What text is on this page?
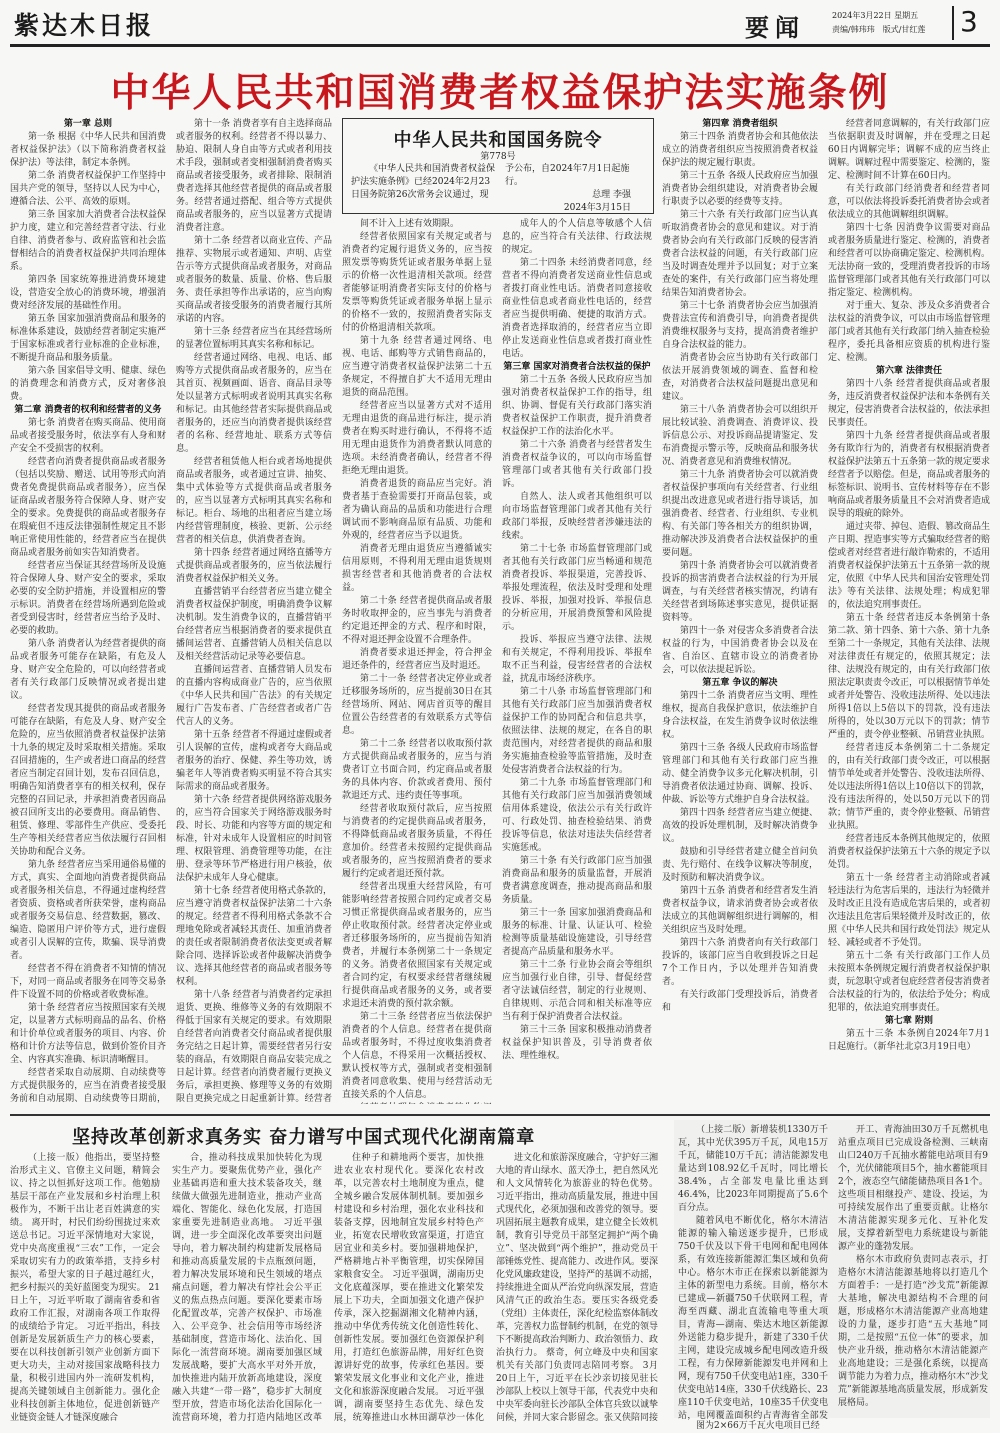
紫达木日报	要闻	2024年3月22日 星期五
责编/韩玮玮　版式/甘红莲 3
中华人民共和国消费者权益保护法实施条例

第一章 总则

第一条 根据《中华人民共和国消费者权益保护法》（以下简称消费者权益保护法）等法律，制定本条例。

第二条 消费者权益保护工作坚持中国共产党的领导，坚持以人民为中心，遵循合法、公平、高效的原则。

第三条 国家加大消费者合法权益保护力度，建立和完善经营者守法、行业自律、消费者参与、政府监管和社会监督相结合的消费者权益保护共同治理体系。

第四条 国家统筹推进消费环境建设，营造安全放心的消费环境，增强消费对经济发展的基础性作用。

第五条 国家加强消费商品和服务的标准体系建设，鼓励经营者制定实施严于国家标准或者行业标准的企业标准，不断提升商品和服务质量。

第六条 国家倡导文明、健康、绿色的消费理念和消费方式，反对奢侈浪费。

第二章 消费者的权利和经营者的义务

第七条 消费者在购买商品、使用商品或者接受服务时，依法享有人身和财产安全不受损害的权利。

经营者向消费者提供商品或者服务（包括以奖励、赠送、试用等形式向消费者免费提供商品或者服务），应当保证商品或者服务符合保障人身、财产安全的要求。免费提供的商品或者服务存在瑕疵但不违反法律强制性规定且不影响正常使用性能的，经营者应当在提供商品或者服务前如实告知消费者。

经营者应当保证其经营场所及设施符合保障人身、财产安全的要求，采取必要的安全防护措施，并设置相应的警示标识。消费者在经营场所遇到危险或者受到侵害时，经营者应当给予及时、必要的救助。

第八条 消费者认为经营者提供的商品或者服务可能存在缺陷，有危及人身、财产安全危险的，可以向经营者或者有关行政部门反映情况或者提出建议。

经营者发现其提供的商品或者服务可能存在缺陷，有危及人身、财产安全危险的，应当依照消费者权益保护法第十九条的规定及时采取相关措施。采取召回措施的，生产或者进口商品的经营者应当制定召回计划，发布召回信息，明确告知消费者享有的相关权利，保存完整的召回记录，并承担消费者因商品被召回所支出的必要费用。商品销售、租赁、修理、零部件生产供应、受委托生产等相关经营者应当依法履行召回相关协助和配合义务。

第九条 经营者应当采用通俗易懂的方式，真实、全面地向消费者提供商品或者服务相关信息，不得通过虚构经营者资质、资格或者所获荣誉，虚构商品或者服务交易信息、经营数据，篡改、编造、隐匿用户评价等方式，进行虚假或者引人误解的宣传，欺骗、误导消费者。

经营者不得在消费者不知情的情况下，对同一商品或者服务在同等交易条件下设置不同的价格或者收费标准。

第十条 经营者应当按照国家有关规定，以显著方式标明商品的品名、价格和计价单位或者服务的项目、内容、价格和计价方法等信息，做到价签价目齐全、内容真实准确、标识清晰醒目。

经营者采取自动展期、自动续费等方式提供服务的，应当在消费者接受服务前和自动展期、自动续费等日期前，

第十一条 消费者享有自主选择商品或者服务的权利。经营者不得以暴力、胁迫、限制人身自由等方式或者利用技术手段，强制或者变相强制消费者购买商品或者接受服务，或者排除、限制消费者选择其他经营者提供的商品或者服务。经营者通过搭配、组合等方式提供商品或者服务的，应当以显著方式提请消费者注意。

第十二条 经营者以商业宣传、产品推荐、实物展示或者通知、声明、店堂告示等方式提供商品或者服务，对商品或者服务的数量、质量、价格、售后服务、责任承担等作出承诺的，应当向购买商品或者接受服务的消费者履行其所承诺的内容。

第十三条 经营者应当在其经营场所的显著位置标明其真实名称和标记。

经营者通过网络、电视、电话、邮购等方式提供商品或者服务的，应当在其首页、视频画面、语音、商品目录等处以显著方式标明或者说明其真实名称和标记。由其他经营者实际提供商品或者服务的，还应当向消费者提供该经营者的名称、经营地址、联系方式等信息。

经营者租赁他人柜台或者场地提供商品或者服务，或者通过宣讲、抽奖、集中式体验等方式提供商品或者服务的，应当以显著方式标明其真实名称和标记。柜台、场地的出租者应当建立场内经营管理制度，核验、更新、公示经营者的相关信息，供消费者查询。

第十四条 经营者通过网络直播等方式提供商品或者服务的，应当依法履行消费者权益保护相关义务。

直播营销平台经营者应当建立健全消费者权益保护制度，明确消费争议解决机制。发生消费争议的，直播营销平台经营者应当根据消费者的要求提供直播间运营者、直播营销人员相关信息以及相关经营活动记录等必要信息。

直播间运营者、直播营销人员发布的直播内容构成商业广告的，应当依照《中华人民共和国广告法》的有关规定履行广告发布者、广告经营者或者广告代言人的义务。

第十五条 经营者不得通过虚假或者引人误解的宣传，虚构或者夸大商品或者服务的治疗、保健、养生等功效，诱骗老年人等消费者购买明显不符合其实际需求的商品或者服务。

第十六条 经营者提供网络游戏服务的，应当符合国家关于网络游戏服务时段、时长、功能和内容等方面的规定和标准，针对未成年人设置相应的时间管理、权限管理、消费管理等功能，在注册、登录等环节严格进行用户核验，依法保护未成年人身心健康。

第十七条 经营者使用格式条款的，应当遵守消费者权益保护法第二十六条的规定。经营者不得利用格式条款不合理地免除或者减轻其责任、加重消费者的责任或者限制消费者依法变更或者解除合同、选择诉讼或者仲裁解决消费争议、选择其他经营者的商品或者服务等权利。

第十八条 经营者与消费者约定承担退货、更换、维修等义务的有效期限不得低于国家有关规定的要求。有效期限自经营者向消费者交付商品或者提供服务完结之日起计算，需要经营者另行安装的商品，有效期限自商品安装完成之日起计算。经营者向消费者履行更换义务后，承担更换、修理等义务的有效期限自更换完成之日起重新计算。经营者

中华人民共和国国务院令
第778号
《中华人民共和国消费者权益保护法实施条例》已经2024年2月23日国务院第26次常务会议通过，现
予公布，自2024年7月1日起施行。
总理 李强
2024年3月15日

间不计入上述有效期限。

经营者依照国家有关规定或者与消费者约定履行退货义务的，应当按照发票等购货凭证或者服务单据上显示的价格一次性退清相关款项。经营者能够证明消费者实际支付的价格与发票等购货凭证或者服务单据上显示的价格不一致的，按照消费者实际支付的价格退清相关款项。

第十九条 经营者通过网络、电视、电话、邮购等方式销售商品的，应当遵守消费者权益保护法第二十五条规定，不得擅自扩大不适用无理由退货的商品范围。

经营者应当以显著方式对不适用无理由退货的商品进行标注，提示消费者在购买时进行确认，不得将不适用无理由退货作为消费者默认同意的选项。未经消费者确认，经营者不得拒绝无理由退货。

消费者退货的商品应当完好。消费者基于查验需要打开商品包装，或者为确认商品的品质和功能进行合理调试而不影响商品原有品质、功能和外观的，经营者应当予以退货。

消费者无理由退货应当遵循诚实信用原则，不得利用无理由退货规则损害经营者和其他消费者的合法权益。

第二十条 经营者提供商品或者服务时收取押金的，应当事先与消费者约定退还押金的方式、程序和时限，不得对退还押金设置不合理条件。

消费者要求退还押金，符合押金退还条件的，经营者应当及时退还。

第二十一条 经营者决定停业或者迁移服务场所的，应当提前30日在其经营场所、网站、网店首页等的醒目位置公告经营者的有效联系方式等信息。

第二十二条 经营者以收取预付款方式提供商品或者服务的，应当与消费者订立书面合同，约定商品或者服务的具体内容、价款或者费用、预付款退还方式、违约责任等事项。

经营者收取预付款后，应当按照与消费者的约定提供商品或者服务，不得降低商品或者服务质量，不得任意加价。经营者未按照约定提供商品或者服务的，应当按照消费者的要求履行约定或者退还预付款。

经营者出现重大经营风险，有可能影响经营者按照合同约定或者交易习惯正常提供商品或者服务的，应当停止收取预付款。经营者决定停业或者迁移服务场所的，应当提前告知消费者，并履行本条例第二十一条规定的义务。消费者依照国家有关规定或者合同约定，有权要求经营者继续履行提供商品或者服务的义务，或者要求退还未消费的预付款余额。

第二十三条 经营者应当依法保护消费者的个人信息。经营者在提供商品或者服务时，不得过度收集消费者个人信息，不得采用一次概括授权、默认授权等方式，强制或者变相强制消费者同意收集、使用与经营活动无直接关系的个人信息。

成年人的个人信息等敏感个人信息的，应当符合有关法律、行政法规的规定。

第二十四条 未经消费者同意，经营者不得向消费者发送商业性信息或者拨打商业性电话。消费者同意接收商业性信息或者商业性电话的，经营者应当提供明确、便捷的取消方式。消费者选择取消的，经营者应当立即停止发送商业性信息或者拨打商业性电话。

第三章 国家对消费者合法权益的保护

第二十五条 各级人民政府应当加强对消费者权益保护工作的指导，组织、协调、督促有关行政部门落实消费者权益保护工作职责，提升消费者权益保护工作的法治化水平。

第二十六条 消费者与经营者发生消费者权益争议的，可以向市场监督管理部门或者其他有关行政部门投诉。

自然人、法人或者其他组织可以向市场监督管理部门或者其他有关行政部门举报，反映经营者涉嫌违法的线索。

第二十七条 市场监督管理部门或者其他有关行政部门应当畅通和规范消费者投诉、举报渠道，完善投诉、举报处理流程，依法及时受理和处理投诉、举报，加强对投诉、举报信息的分析应用，开展消费预警和风险提示。

投诉、举报应当遵守法律、法规和有关规定，不得利用投诉、举报牟取不正当利益，侵害经营者的合法权益，扰乱市场经济秩序。

第二十八条 市场监督管理部门和其他有关行政部门应当加强消费者权益保护工作的协同配合和信息共享，依照法律、法规的规定，在各自的职责范围内，对经营者提供的商品和服务实施抽查检验等监管措施，及时查处侵害消费者合法权益的行为。

第二十九条 市场监督管理部门和其他有关行政部门应当加强消费领域信用体系建设，依法公示有关行政许可、行政处罚、抽查检验结果、消费投诉等信息，依法对违法失信经营者实施惩戒。

第三十条 有关行政部门应当加强消费商品和服务的质量监督，开展消费者满意度调查，推动提高商品和服务质量。

第三十一条 国家加强消费商品和服务的标准、计量、认证认可、检验检测等质量基础设施建设，引导经营者提高产品质量和服务水平。

第三十二条 行业协会商会等组织应当加强行业自律，引导、督促经营者守法诚信经营，制定的行业规则、自律规则、示范合同和相关标准等应当有利于保护消费者合法权益。

第三十三条 国家积极推动消费者权益保护知识普及，引导消费者依法、理性维权。

第四章 消费者组织

第三十四条 消费者协会和其他依法成立的消费者组织应当按照消费者权益保护法的规定履行职责。

第三十五条 各级人民政府应当加强消费者协会组织建设，对消费者协会履行职责予以必要的经费等支持。

第三十六条 有关行政部门应当认真听取消费者协会的意见和建议。对于消费者协会向有关行政部门反映的侵害消费者合法权益的问题，有关行政部门应当及时调查处理并予以回复；对于立案查处的案件，有关行政部门应当将处理结果告知消费者协会。

第三十七条 消费者协会应当加强消费普法宣传和消费引导，向消费者提供消费维权服务与支持，提高消费者维护自身合法权益的能力。

消费者协会应当协助有关行政部门依法开展消费领域的调查、监督和检查，对消费者合法权益问题提出意见和建议。

第三十八条 消费者协会可以组织开展比较试验、消费调查、消费评议、投诉信息公示、对投诉商品提请鉴定、发布消费提示警示等，反映商品和服务状况、消费者意见和消费维权情况。

第三十九条 消费者协会可以就消费者权益保护事项向有关经营者、行业组织提出改进意见或者进行指导谈话，加强消费者、经营者、行业组织、专业机构、有关部门等各相关方的组织协调，推动解决涉及消费者合法权益保护的重要问题。

第四十条 消费者协会可以就消费者投诉的损害消费者合法权益的行为开展调查，与有关经营者核实情况，约请有关经营者到场陈述事实意见，提供证据资料等。

第四十一条 对侵害众多消费者合法权益的行为，中国消费者协会以及在省、自治区、直辖市设立的消费者协会，可以依法提起诉讼。

第五章 争议的解决

第四十二条 消费者应当文明、理性维权，提高自我保护意识，依法维护自身合法权益，在发生消费争议时依法维权。

第四十三条 各级人民政府市场监督管理部门和其他有关行政部门应当推动、健全消费争议多元化解决机制，引导消费者依法通过协商、调解、投诉、仲裁、诉讼等方式维护自身合法权益。

第四十四条 经营者应当建立便捷、高效的投诉处理机制，及时解决消费争议。

鼓励和引导经营者建立健全首问负责、先行赔付、在线争议解决等制度，及时预防和解决消费争议。

第四十五条 消费者和经营者发生消费者权益争议，请求消费者协会或者依法成立的其他调解组织进行调解的，相关组织应当及时处理。

第四十六条 消费者向有关行政部门投诉的，该部门应当自收到投诉之日起7个工作日内，予以处理并告知消费者。

有关行政部门受理投诉后，消费者和

经营者同意调解的，有关行政部门应当依据职责及时调解，并在受理之日起60日内调解完毕；调解不成的应当终止调解。调解过程中需要鉴定、检测的，鉴定、检测时间不计算在60日内。

有关行政部门经消费者和经营者同意，可以依法将投诉委托消费者协会或者依法成立的其他调解组织调解。

第四十七条 因消费争议需要对商品或者服务质量进行鉴定、检测的，消费者和经营者可以协商确定鉴定、检测机构。无法协商一致的，受理消费者投诉的市场监督管理部门或者其他有关行政部门可以指定鉴定、检测机构。

对于重大、复杂、涉及众多消费者合法权益的消费争议，可以由市场监督管理部门或者其他有关行政部门纳入抽查检验程序，委托具备相应资质的机构进行鉴定、检测。

第六章 法律责任

第四十八条 经营者提供商品或者服务，违反消费者权益保护法和本条例有关规定，侵害消费者合法权益的，依法承担民事责任。

第四十九条 经营者提供商品或者服务有欺诈行为的，消费者有权根据消费者权益保护法第五十五条第一款的规定要求经营者予以赔偿。但是，商品或者服务的标签标识、说明书、宣传材料等存在不影响商品或者服务质量且不会对消费者造成误导的瑕疵的除外。

通过夹带、掉包、造假、篡改商品生产日期、捏造事实等方式骗取经营者的赔偿或者对经营者进行敲诈勒索的，不适用消费者权益保护法第五十五条第一款的规定，依照《中华人民共和国治安管理处罚法》等有关法律、法规处理；构成犯罪的，依法追究刑事责任。

第五十条 经营者违反本条例第十条第二款、第十四条、第十六条、第十九条至第二十一条规定，其他有关法律、法规对法律责任有规定的，依照其规定；法律、法规没有规定的，由有关行政部门依照法定职责责令改正，可以根据情节单处或者并处警告、没收违法所得、处以违法所得1倍以上5倍以下的罚款，没有违法所得的，处以30万元以下的罚款；情节严重的，责令停业整顿、吊销营业执照。

经营者违反本条例第二十二条规定的，由有关行政部门责令改正，可以根据情节单处或者并处警告、没收违法所得、处以违法所得1倍以上10倍以下的罚款，没有违法所得的，处以50万元以下的罚款；情节严重的，责令停业整顿、吊销营业执照。

经营者违反本条例其他规定的，依照消费者权益保护法第五十六条的规定予以处罚。

第五十一条 经营者主动消除或者减轻违法行为危害后果的，违法行为轻微并及时改正且没有造成危害后果的，或者初次违法且危害后果轻微并及时改正的，依照《中华人民共和国行政处罚法》规定从轻、减轻或者不予处罚。

第五十二条 有关行政部门工作人员未按照本条例规定履行消费者权益保护职责，玩忽职守或者包庇经营者侵害消费者合法权益的行为的，依法给予处分；构成犯罪的，依法追究刑事责任。

第七章 附则

第五十三条 本条例自2024年7月1日起施行。（新华社北京3月19日电）

坚持改革创新求真务实 奋力谱写中国式现代化湖南篇章

（上接一版）他指出，要坚持整治形式主义、官僚主义问题，精简会议、持之以恒抓好这项工作。他勉励基层干部在产业发展和乡村治理上积极作为，不断干出让老百姓满意的实绩。 离开时，村民们纷纷围拢过来欢送总书记。习近平深情地对大家说，党中央高度重视“三农”工作，一定会采取切实有力的政策举措，支持乡村振兴，希望大家的日子越过越红火，把乡村振兴的美好蓝图变为现实。 21日上午，习近平听取了湖南省委和省政府工作汇报，对湖南各项工作取得的成绩给予肯定。 习近平指出，科技创新是发展新质生产力的核心要素，要在以科技创新引领产业创新方面下更大功夫，主动对接国家战略科技力量，积极引进国内外一流研发机构，提高关键领域自主创新能力。强化企业科技创新主体地位，促进创新链产业链资金链人才链深度融合

合，推动科技成果加快转化为现实生产力。要聚焦优势产业，强化产业基础再造和重大技术装备攻关，继续做大做强先进制造业，推动产业高端化、智能化、绿色化发展，打造国家重要先进制造业高地。 习近平强调，进一步全面深化改革要突出问题导向，着力解决制约构建新发展格局和推动高质量发展的卡点瓶颈问题，着力解决发展环境和民生领域的堵点痛点问题，着力解决有悖社会公平正义的焦点热点问题。要深化要素市场化配置改革，完善产权保护、市场准入、公平竞争、社会信用等市场经济基础制度，营造市场化、法治化、国际化一流营商环境。湖南要加强区域发展战略，要扩大高水平对外开放，加快推进内陆开放新高地建设，深度融入共建“一带一路”，稳步扩大制度型开放，营造市场化法治化国际化一流营商环境，着力打造内陆地区改革

住种子和耕地两个要害，加快推进农业农村现代化。要深化农村改革，以完善农村土地制度为重点，健全城乡融合发展体制机制。要加强乡村建设和乡村治理，强化农业科技和装备支撑，因地制宜发展乡村特色产业，拓宽农民增收致富渠道，打造宜居宜业和美乡村。要加强耕地保护，严格耕地占补平衡管理，切实保障国家粮食安全。 习近平强调，湖南历史文化底蕴深厚，要在推进文化繁荣发展上下功夫，全面加强文化遗产保护传承，深入挖掘湖湘文化精神内涵，推动中华优秀传统文化创造性转化、创新性发展。要加强红色资源保护利用，打造红色旅游品牌，用好红色资源讲好党的故事，传承红色基因。要繁荣发展文化事业和文化产业，推进文化和旅游深度融合发展。 习近平强调，湖南要坚持生态优先、绿色发展，统筹推进山水林田湖草沙一体化

进文化和旅游深度融合，守护好三湘大地的青山绿水、蓝天净土，把自然风光和人文风情转化为旅游业的特色优势。 习近平指出，推动高质量发展，推进中国式现代化，必须加强和改善党的领导。要巩固拓展主题教育成果，建立健全长效机制，教育引导党员干部坚定拥护“两个确立”、坚决做到“两个维护”，推动党员干部锤炼党性、提高能力、改进作风。要深化党风廉政建设，坚持严的基调不动摇，持续推进全面从严治党向纵深发展，营造风清气正的政治生态。要压实各级党委（党组）主体责任，深化纪检监察体制改革，完善权力监督制约机制，在党的领导下不断提高政治判断力、政治领悟力、政治执行力。 蔡奇，何立峰及中央和国家机关有关部门负责同志陪同考察。 3月20日上午，习近平在长沙亲切接见驻长沙部队上校以上领导干部，代表党中央和中央军委向驻长沙部队全体官兵致以诚挚问候，并同大家合影留念。张又侠陪同接

（上接二版）新增装机1330万千瓦，其中光伏395万千瓦，风电15万千瓦，储能10万千瓦；清洁能源发电量达到108.92亿千瓦时，同比增长38.4%，占全部发电量比重达到46.4%，比2023年同期提高了5.6个百分点。

随着风电不断优化，格尔木清洁能源的输入输送逐步提升，已形成750千伏及以下骨干电网和配电网体系，有效连接新能源汇集区域和负荷中心。格尔木市正在探索以新能源为主体的新型电力系统。目前，格尔木已建成—新疆750千伏联网工程，青海至西藏、湖北直流输电等重大项目，青海—湖南、柴达木地区新能源外送能力稳步提升，新建了330千伏主网，建设完成城乡配电网改造升级工程，有力保障新能源发电并网和上网，现有750千伏变电站1座，330千伏变电站14座，330千伏线路长、23座110千伏变电站，10座35千伏变电站，电网覆盖面积约占青海省全部发

开工、青海油田30万千瓦燃机电站重点项目已完成设备检测、三峡南山口240万千瓦抽水蓄能电站项目有9个，光伏储能项目5个，抽水蓄能项目2个，液态空气储能储热项目各1个。这些项目相继投产、建设、投运，为可持续发展作出了重要贡献。让格尔木清洁能源实现多元化、互补化发展，支撑着新型电力系统建设与新能源产业的蓬勃发展。

格尔木市政府负责同志表示，打造格尔木清洁能源基地将以打造几个方面着手：一是打造“沙戈荒”新能源大基地，解决电源结构不合理的问题，形成格尔木清洁能源产业高地建设的力量，逐步打造“五大基地”同期，二是按照“五位一体”的要求，加快产业升级，推动格尔木清洁能源产业高地建设；三是强化系统，以提高调节能力为着力点，推动格尔木“沙戈荒”新能源基地高质量发展，形成新发展格局。

图为2×66万千瓦火电项目已经
